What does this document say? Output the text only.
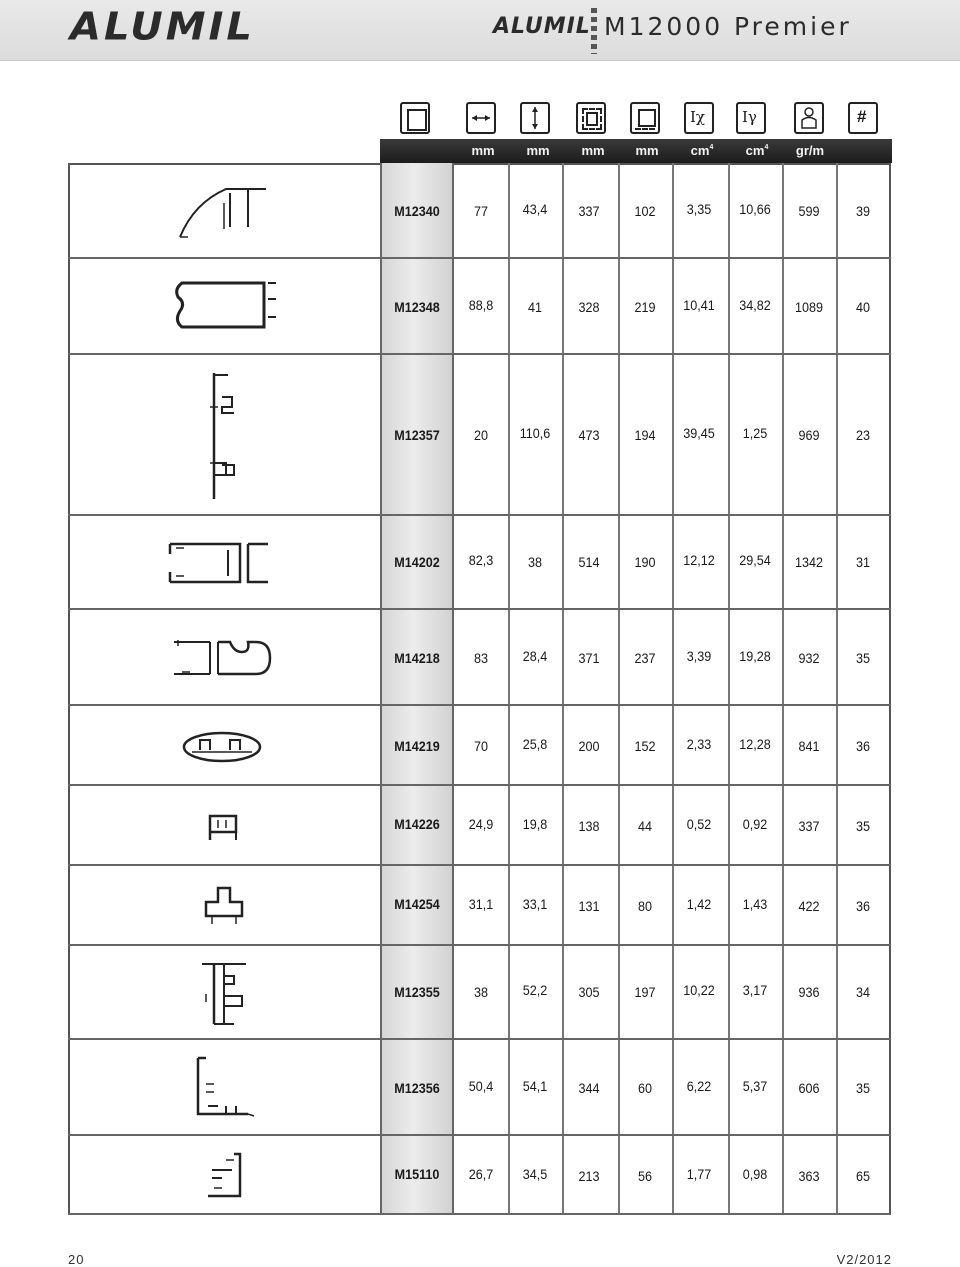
ALUMIL	ALUMIL M12000 Premier
Iχ Iγ	#
mm	mm	mm	mm	$cm^4$	$cm^4$	gr/m
M12340	77	43,4	337	102	3,35	10,66	599	39
M12348	88,8	41	328	219	10,41	34,82	1089	40
M12357	20	110,6	473	194	39,45	1,25	969	23
M14202	82,3	38	514	190	12,12	29,54	1342	31
M14218	83	28,4	371	237	3,39	19,28	932	35
M14219	70	25,8	200	152	2,33	12,28	841	36
M14226	24,9	19,8	138	44	0,52	0,92	337	35
M14254	31,1	33,1	131	80	1,42	1,43	422	36
M12355	38	52,2	305	197	10,22	3,17	936	34
M12356	50,4	54,1	344	60	6,22	5,37	606	35
M15110	26,7	34,5	213	56	1,77	0,98	363	65
20	V2/2012
